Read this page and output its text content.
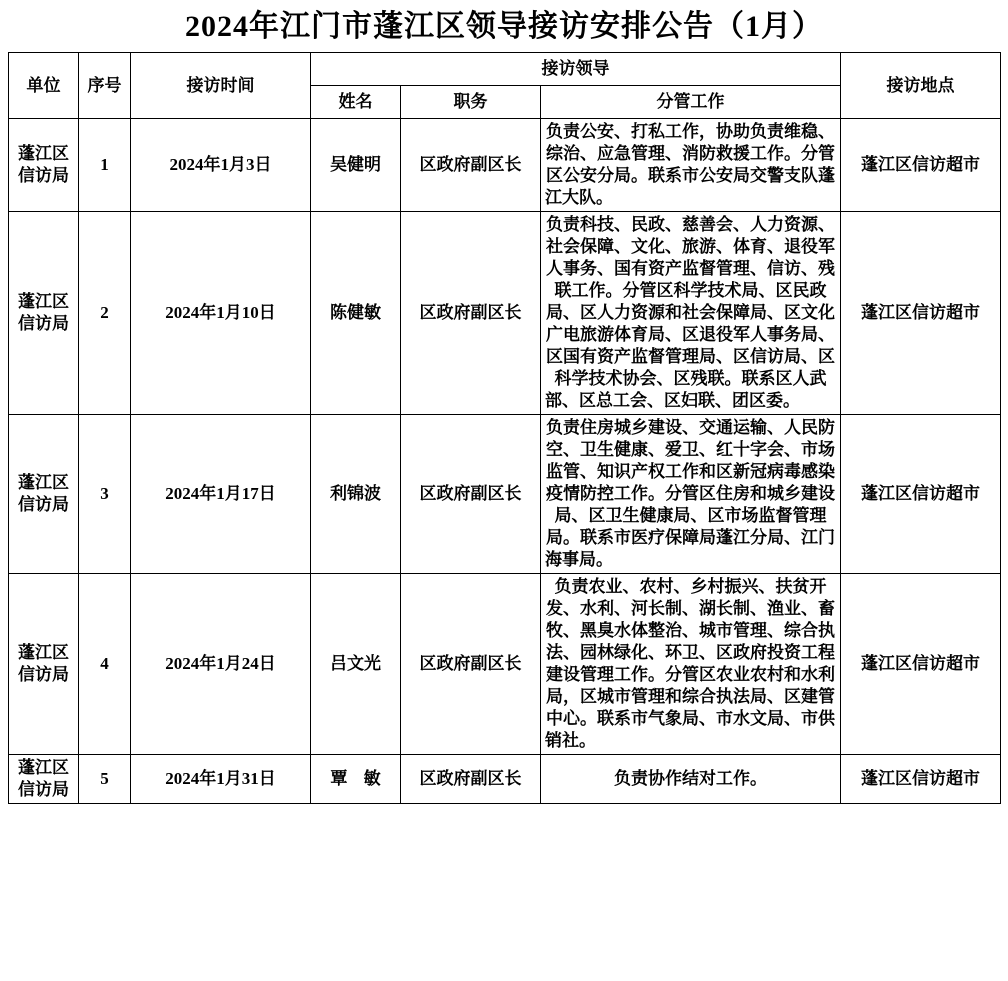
2024年江门市蓬江区领导接访安排公告（1月）
单位	序号	接访时间	接访领导			接访地点
			姓名	职务	分管工作	
蓬江区信访局	1	2024年1月3日	吴健明	区政府副区长	负责公安、打私工作，协助负责维稳、综治、应急管理、消防救援工作。分管区公安分局。联系市公安局交警支队蓬江大队。	蓬江区信访超市
蓬江区信访局	2	2024年1月10日	陈健敏	区政府副区长	负责科技、民政、慈善会、人力资源、社会保障、文化、旅游、体育、退役军人事务、国有资产监督管理、信访、残联工作。分管区科学技术局、区民政局、区人力资源和社会保障局、区文化广电旅游体育局、区退役军人事务局、区国有资产监督管理局、区信访局、区科学技术协会、区残联。联系区人武部、区总工会、区妇联、团区委。	蓬江区信访超市
蓬江区信访局	3	2024年1月17日	利锦波	区政府副区长	负责住房城乡建设、交通运输、人民防空、卫生健康、爱卫、红十字会、市场监管、知识产权工作和区新冠病毒感染疫情防控工作。分管区住房和城乡建设局、区卫生健康局、区市场监督管理局。联系市医疗保障局蓬江分局、江门海事局。	蓬江区信访超市
蓬江区信访局	4	2024年1月24日	吕文光	区政府副区长	负责农业、农村、乡村振兴、扶贫开发、水利、河长制、湖长制、渔业、畜牧、黑臭水体整治、城市管理、综合执法、园林绿化、环卫、区政府投资工程建设管理工作。分管区农业农村和水利局，区城市管理和综合执法局、区建管中心。联系市气象局、市水文局、市供销社。	蓬江区信访超市
蓬江区信访局	5	2024年1月31日	覃 敏	区政府副区长	负责协作结对工作。	蓬江区信访超市
